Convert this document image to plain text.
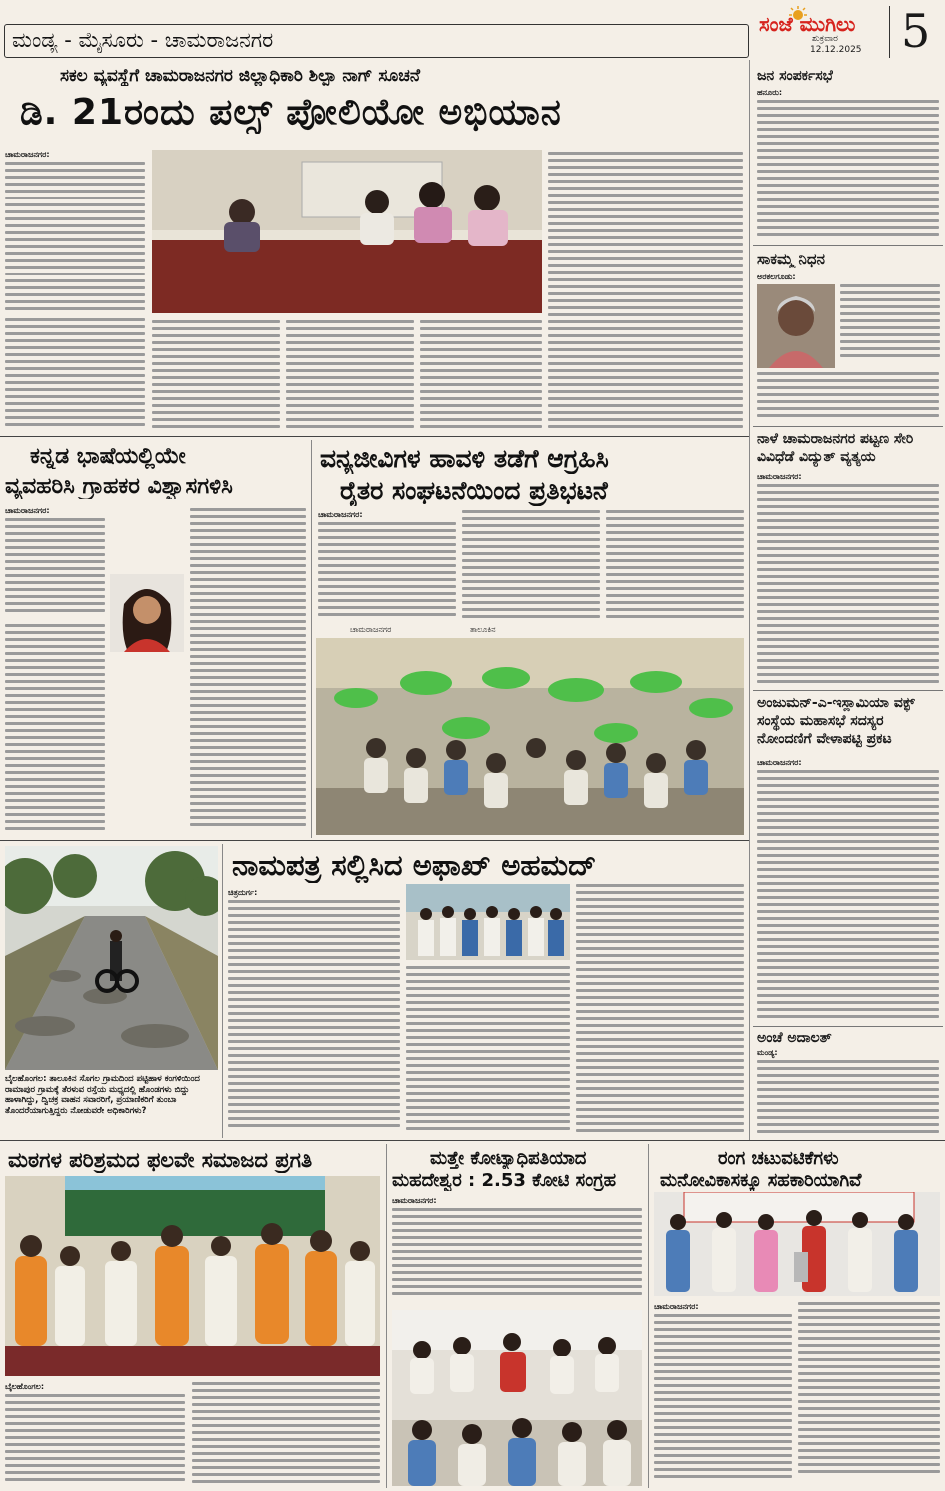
ಮಂಡ್ಯ - ಮೈಸೂರು - ಚಾಮರಾಜನಗರ
ಸಂಜೆ ಮುಗಿಲು
ಶುಕ್ರವಾರ
12.12.2025 5
ಸಕಲ ವ್ಯವಸ್ಥೆಗೆ ಚಾಮರಾಜನಗರ ಜಿಲ್ಲಾಧಿಕಾರಿ ಶಿಲ್ಪಾ ನಾಗ್ ಸೂಚನೆ
ಡಿ. 21ರಂದು ಪಲ್ಸ್ ಪೋಲಿಯೋ ಅಭಿಯಾನ
ಚಾಮರಾಜನಗರ:
ಜನ ಸಂಪರ್ಕಸಭೆ
ಹನೂರು:
ಸಾಕಮ್ಮ ನಿಧನ
ಅರಕಲಗೂಡು:
ನಾಳೆ ಚಾಮರಾಜನಗರ ಪಟ್ಟಣ ಸೇರಿ ವಿವಿಧೆಡೆ ವಿದ್ಯುತ್ ವ್ಯತ್ಯಯ
ಚಾಮರಾಜನಗರ:
ಅಂಜುಮನ್-ಎ-ಇಸ್ಲಾಮಿಯಾ ವಕ್ಫ್ ಸಂಸ್ಥೆಯ ಮಹಾಸಭೆ ಸದಸ್ಯರ ನೋಂದಣಿಗೆ ವೇಳಾಪಟ್ಟಿ ಪ್ರಕಟ
ಚಾಮರಾಜನಗರ:
ಅಂಚೆ ಅದಾಲತ್
ಮಂಡ್ಯ:
ಕನ್ನಡ ಭಾಷೆಯಲ್ಲಿಯೇ
ವ್ಯವಹರಿಸಿ ಗ್ರಾಹಕರ ವಿಶ್ವಾಸಗಳಿಸಿ
ಚಾಮರಾಜನಗರ:
ವನ್ಯಜೀವಿಗಳ ಹಾವಳಿ ತಡೆಗೆ ಆಗ್ರಹಿಸಿ
ರೈತರ ಸಂಘಟನೆಯಿಂದ ಪ್ರತಿಭಟನೆ
ಚಾಮರಾಜನಗರ:
ಚಾಮರಾಜನಗರ	ತಾಲೂಕಿನ
ಬೈಲಹೊಂಗಲ: ತಾಲೂಕಿನ ಸೊಗಲ ಗ್ರಾಮದಿಂದ ಪಟ್ಟಿಹಾಳ ಕಂಗಳಿಯಿಂದ ರಾಮಾಪುರ ಗ್ರಾಮಕ್ಕೆ ತೆರಳುವ ರಸ್ತೆಯ ಮಧ್ಯದಲ್ಲಿ ಹೊಂಡಗಳು ಬಿದ್ದು ಹಾಳಾಗಿದ್ದು, ದ್ವಿಚಕ್ರ ವಾಹನ ಸವಾರರಿಗೆ, ಪ್ರಯಾಣಿಕರಿಗೆ ತುಂಬಾ ತೊಂದರೆಯಾಗುತ್ತಿದ್ದರು ನೋಡುವರೇ ಅಧಿಕಾರಿಗಳು?
ನಾಮಪತ್ರ ಸಲ್ಲಿಸಿದ ಅಫಾಖ್ ಅಹಮದ್
ಚಿತ್ರದುರ್ಗ:
ಮಠಗಳ ಪರಿಶ್ರಮದ ಫಲವೇ ಸಮಾಜದ ಪ್ರಗತಿ
ಬೈಲಹೊಂಗಲ:
ಮತ್ತೇ ಕೋಟ್ಯಾಧಿಪತಿಯಾದ
ಮಹದೇಶ್ವರ : 2.53 ಕೋಟಿ ಸಂಗ್ರಹ
ಚಾಮರಾಜನಗರ:
ರಂಗ ಚಟುವಟಿಕೆಗಳು
ಮನೋವಿಕಾಸಕ್ಕೂ ಸಹಕಾರಿಯಾಗಿವೆ
ಚಾಮರಾಜನಗರ:
